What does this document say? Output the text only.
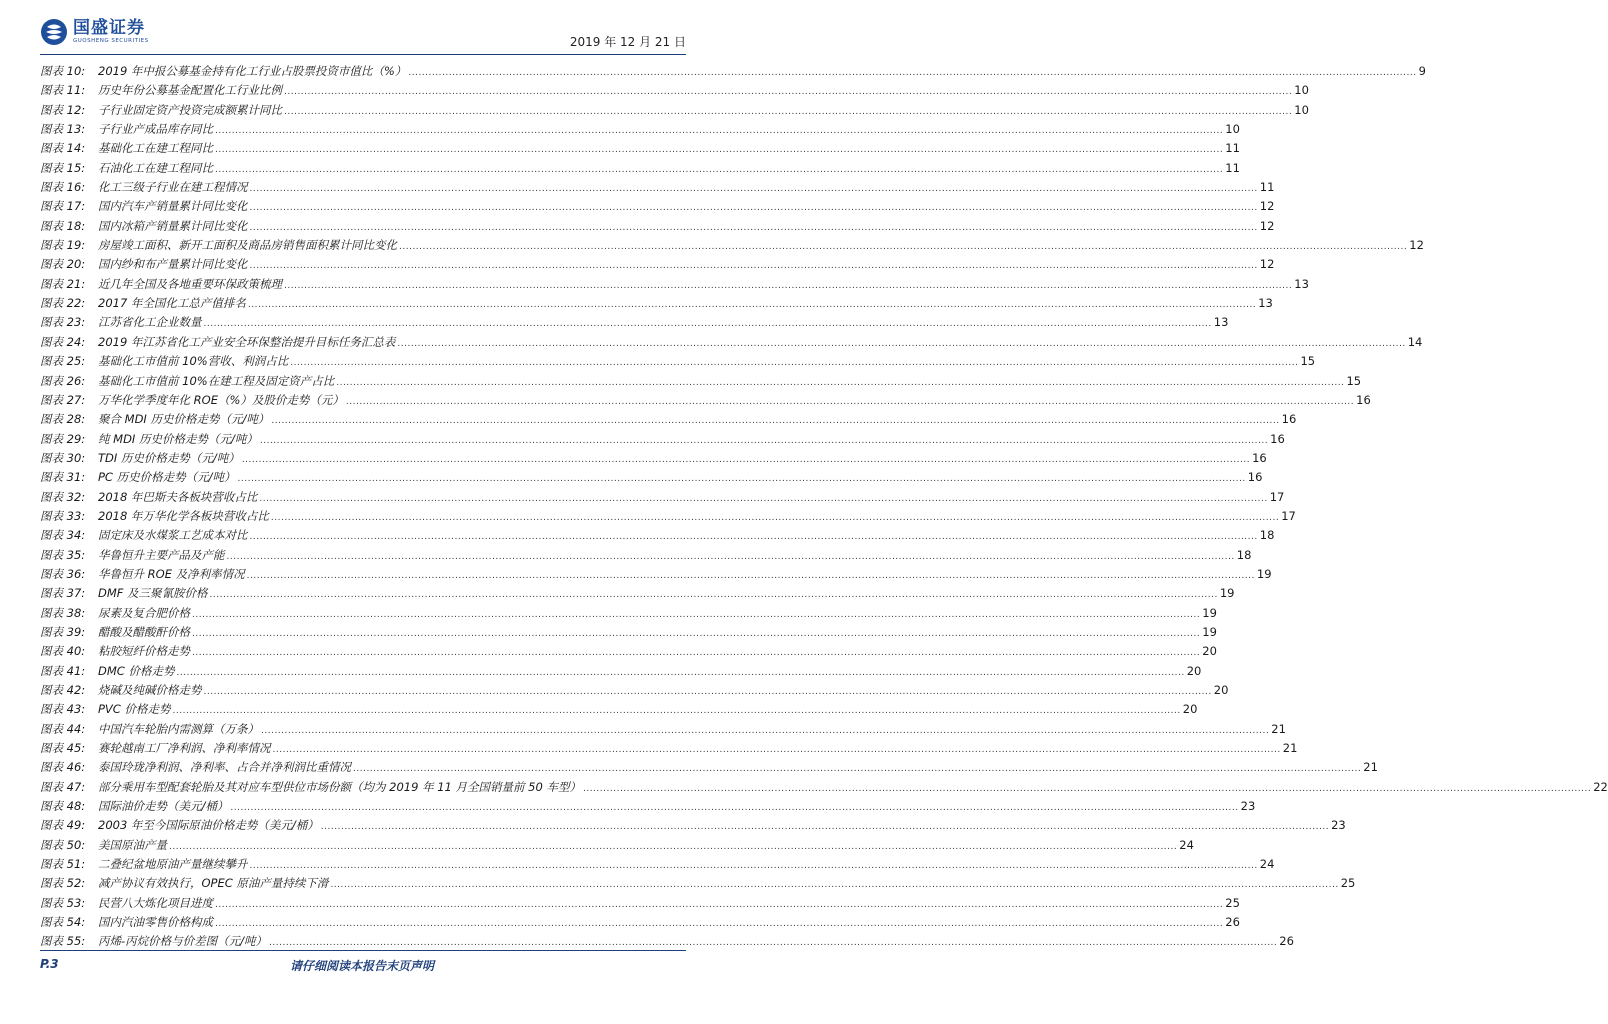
国盛证券
GUOSHENG SECURITIES	2019 年 12 月 21 日
图表 10:	2019 年中报公募基金持有化工行业占股票投资市值比（%） ............................................................................................................................................................................................................................................................................................................ 9
图表 11:	历史年份公募基金配置化工行业比例 ............................................................................................................................................................................................................................................................................................................ 10
图表 12:	子行业固定资产投资完成额累计同比 ............................................................................................................................................................................................................................................................................................................ 10
图表 13:	子行业产成品库存同比 ............................................................................................................................................................................................................................................................................................................ 10
图表 14:	基础化工在建工程同比 ............................................................................................................................................................................................................................................................................................................ 11
图表 15:	石油化工在建工程同比 ............................................................................................................................................................................................................................................................................................................ 11
图表 16:	化工三级子行业在建工程情况 ............................................................................................................................................................................................................................................................................................................ 11
图表 17:	国内汽车产销量累计同比变化 ............................................................................................................................................................................................................................................................................................................ 12
图表 18:	国内冰箱产销量累计同比变化 ............................................................................................................................................................................................................................................................................................................ 12
图表 19:	房屋竣工面积、新开工面积及商品房销售面积累计同比变化 ............................................................................................................................................................................................................................................................................................................ 12
图表 20:	国内纱和布产量累计同比变化 ............................................................................................................................................................................................................................................................................................................ 12
图表 21:	近几年全国及各地重要环保政策梳理 ............................................................................................................................................................................................................................................................................................................ 13
图表 22:	2017 年全国化工总产值排名 ............................................................................................................................................................................................................................................................................................................ 13
图表 23:	江苏省化工企业数量 ............................................................................................................................................................................................................................................................................................................ 13
图表 24:	2019 年江苏省化工产业安全环保整治提升目标任务汇总表 ............................................................................................................................................................................................................................................................................................................ 14
图表 25:	基础化工市值前 10%营收、利润占比 ............................................................................................................................................................................................................................................................................................................ 15
图表 26:	基础化工市值前 10%在建工程及固定资产占比 ............................................................................................................................................................................................................................................................................................................ 15
图表 27:	万华化学季度年化 ROE（%）及股价走势（元） ............................................................................................................................................................................................................................................................................................................ 16
图表 28:	聚合 MDI 历史价格走势（元/吨） ............................................................................................................................................................................................................................................................................................................ 16
图表 29:	纯 MDI 历史价格走势（元/吨） ............................................................................................................................................................................................................................................................................................................ 16
图表 30:	TDI 历史价格走势（元/吨） ............................................................................................................................................................................................................................................................................................................ 16
图表 31:	PC 历史价格走势（元/吨） ............................................................................................................................................................................................................................................................................................................ 16
图表 32:	2018 年巴斯夫各板块营收占比 ............................................................................................................................................................................................................................................................................................................ 17
图表 33:	2018 年万华化学各板块营收占比 ............................................................................................................................................................................................................................................................................................................ 17
图表 34:	固定床及水煤浆工艺成本对比 ............................................................................................................................................................................................................................................................................................................ 18
图表 35:	华鲁恒升主要产品及产能 ............................................................................................................................................................................................................................................................................................................ 18
图表 36:	华鲁恒升 ROE 及净利率情况 ............................................................................................................................................................................................................................................................................................................ 19
图表 37:	DMF 及三聚氰胺价格 ............................................................................................................................................................................................................................................................................................................ 19
图表 38:	尿素及复合肥价格 ............................................................................................................................................................................................................................................................................................................ 19
图表 39:	醋酸及醋酸酐价格 ............................................................................................................................................................................................................................................................................................................ 19
图表 40:	粘胶短纤价格走势 ............................................................................................................................................................................................................................................................................................................ 20
图表 41:	DMC 价格走势 ............................................................................................................................................................................................................................................................................................................ 20
图表 42:	烧碱及纯碱价格走势 ............................................................................................................................................................................................................................................................................................................ 20
图表 43:	PVC 价格走势 ............................................................................................................................................................................................................................................................................................................ 20
图表 44:	中国汽车轮胎内需测算（万条） ............................................................................................................................................................................................................................................................................................................ 21
图表 45:	赛轮越南工厂净利润、净利率情况 ............................................................................................................................................................................................................................................................................................................ 21
图表 46:	泰国玲珑净利润、净利率、占合并净利润比重情况 ............................................................................................................................................................................................................................................................................................................ 21
图表 47:	部分乘用车型配套轮胎及其对应车型供位市场份额（均为 2019 年 11 月全国销量前 50 车型） ............................................................................................................................................................................................................................................................................................................ 22
图表 48:	国际油价走势（美元/桶） ............................................................................................................................................................................................................................................................................................................ 23
图表 49:	2003 年至今国际原油价格走势（美元/桶） ............................................................................................................................................................................................................................................................................................................ 23
图表 50:	美国原油产量 ............................................................................................................................................................................................................................................................................................................ 24
图表 51:	二叠纪盆地原油产量继续攀升 ............................................................................................................................................................................................................................................................................................................ 24
图表 52:	减产协议有效执行，OPEC 原油产量持续下滑 ............................................................................................................................................................................................................................................................................................................ 25
图表 53:	民营八大炼化项目进度 ............................................................................................................................................................................................................................................................................................................ 25
图表 54:	国内汽油零售价格构成 ............................................................................................................................................................................................................................................................................................................ 26
图表 55:	丙烯-丙烷价格与价差图（元/吨） ............................................................................................................................................................................................................................................................................................................ 26
P.3	请仔细阅读本报告末页声明
